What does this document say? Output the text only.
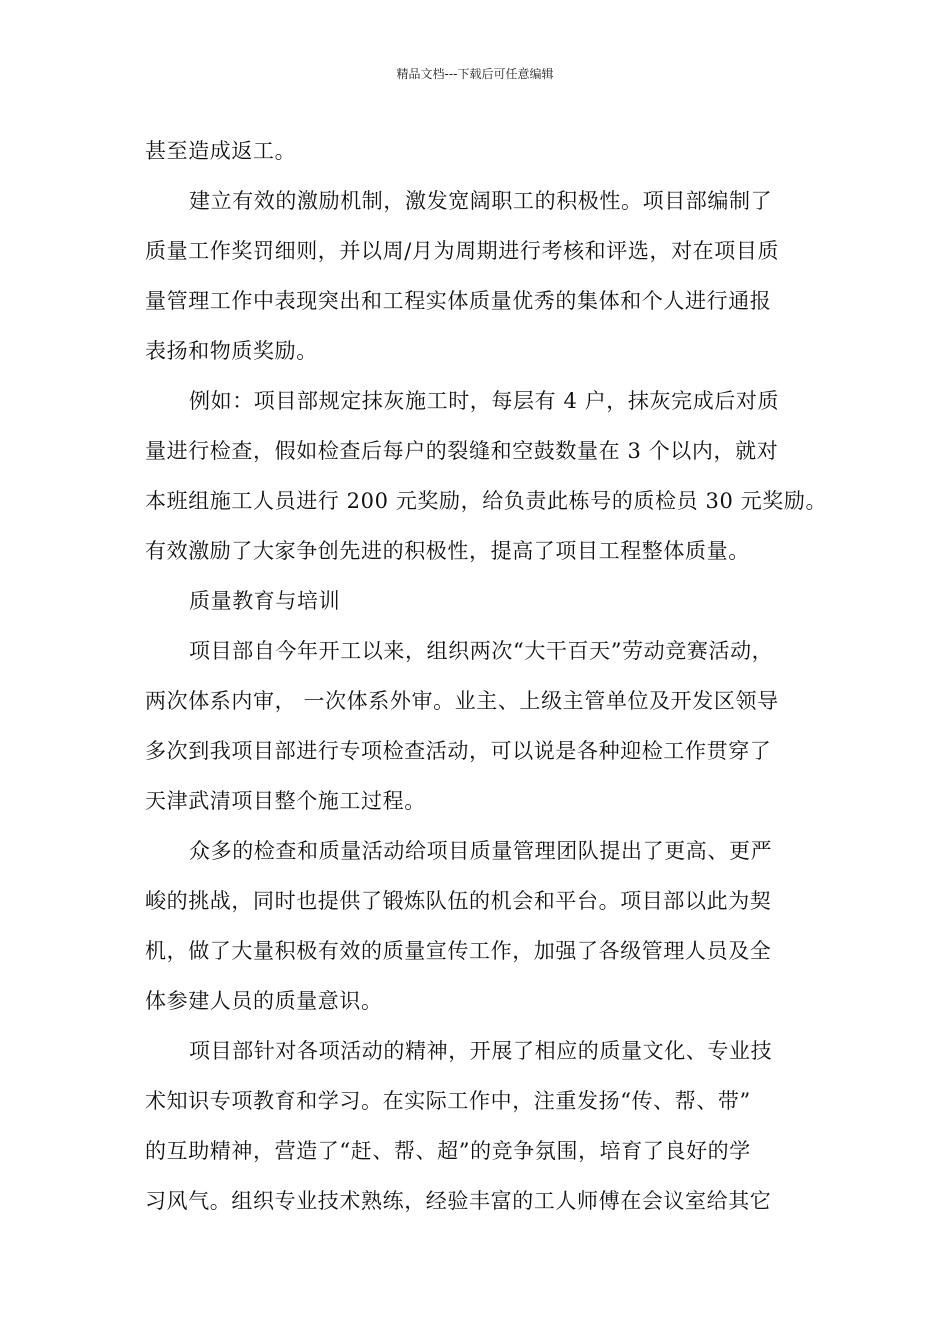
精品文档---下载后可任意编辑
甚至造成返工。
建立有效的激励机制，激发宽阔职工的积极性。项目部编制了
质量工作奖罚细则，并以周/月为周期进行考核和评选，对在项目质
量管理工作中表现突出和工程实体质量优秀的集体和个人进行通报
表扬和物质奖励。
例如：项目部规定抹灰施工时，每层有 4 户，抹灰完成后对质
量进行检查，假如检查后每户的裂缝和空鼓数量在 3 个以内，就对
本班组施工人员进行 200 元奖励，给负责此栋号的质检员 30 元奖励。
有效激励了大家争创先进的积极性，提高了项目工程整体质量。
质量教育与培训
项目部自今年开工以来，组织两次“大干百天”劳动竞赛活动，
两次体系内审， 一次体系外审。业主、上级主管单位及开发区领导
多次到我项目部进行专项检查活动，可以说是各种迎检工作贯穿了
天津武清项目整个施工过程。
众多的检查和质量活动给项目质量管理团队提出了更高、更严
峻的挑战，同时也提供了锻炼队伍的机会和平台。项目部以此为契
机，做了大量积极有效的质量宣传工作，加强了各级管理人员及全
体参建人员的质量意识。
项目部针对各项活动的精神，开展了相应的质量文化、专业技
术知识专项教育和学习。在实际工作中，注重发扬“传、帮、带”
的互助精神，营造了“赶、帮、超”的竞争氛围，培育了良好的学
习风气。组织专业技术熟练，经验丰富的工人师傅在会议室给其它
